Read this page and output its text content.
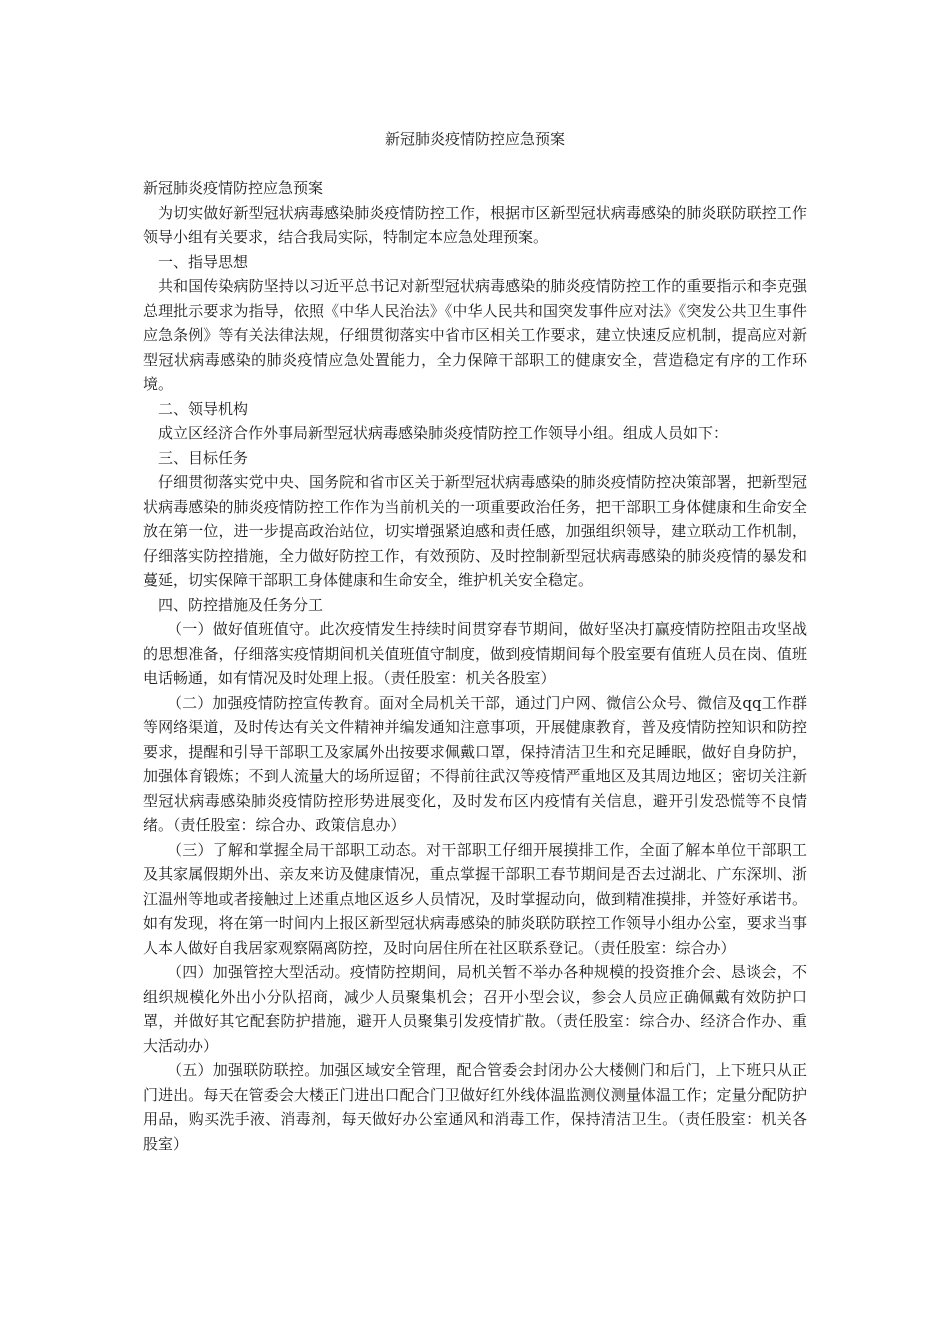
新冠肺炎疫情防控应急预案

新冠肺炎疫情防控应急预案

为切实做好新型冠状病毒感染肺炎疫情防控工作，根据市区新型冠状病毒感染的肺炎联防联控工作领导小组有关要求，结合我局实际，特制定本应急处理预案。

一、指导思想

共和国传染病防坚持以习近平总书记对新型冠状病毒感染的肺炎疫情防控工作的重要指示和李克强总理批示要求为指导，依照《中华人民治法》《中华人民共和国突发事件应对法》《突发公共卫生事件应急条例》等有关法律法规，仔细贯彻落实中省市区相关工作要求，建立快速反应机制，提高应对新型冠状病毒感染的肺炎疫情应急处置能力，全力保障干部职工的健康安全，营造稳定有序的工作环境。

二、领导机构

成立区经济合作外事局新型冠状病毒感染肺炎疫情防控工作领导小组。组成人员如下：

三、目标任务

仔细贯彻落实党中央、国务院和省市区关于新型冠状病毒感染的肺炎疫情防控决策部署，把新型冠状病毒感染的肺炎疫情防控工作作为当前机关的一项重要政治任务，把干部职工身体健康和生命安全放在第一位，进一步提高政治站位，切实增强紧迫感和责任感，加强组织领导，建立联动工作机制，仔细落实防控措施，全力做好防控工作，有效预防、及时控制新型冠状病毒感染的肺炎疫情的暴发和蔓延，切实保障干部职工身体健康和生命安全，维护机关安全稳定。

四、防控措施及任务分工

（一）做好值班值守。此次疫情发生持续时间贯穿春节期间，做好坚决打赢疫情防控阻击攻坚战的思想准备，仔细落实疫情期间机关值班值守制度，做到疫情期间每个股室要有值班人员在岗、值班电话畅通，如有情况及时处理上报。（责任股室：机关各股室）

（二）加强疫情防控宣传教育。面对全局机关干部，通过门户网、微信公众号、微信及qq工作群等网络渠道，及时传达有关文件精神并编发通知注意事项，开展健康教育，普及疫情防控知识和防控要求，提醒和引导干部职工及家属外出按要求佩戴口罩，保持清洁卫生和充足睡眠，做好自身防护，加强体育锻炼；不到人流量大的场所逗留；不得前往武汉等疫情严重地区及其周边地区；密切关注新型冠状病毒感染肺炎疫情防控形势进展变化，及时发布区内疫情有关信息，避开引发恐慌等不良情绪。（责任股室：综合办、政策信息办）

（三）了解和掌握全局干部职工动态。对干部职工仔细开展摸排工作，全面了解本单位干部职工及其家属假期外出、亲友来访及健康情况，重点掌握干部职工春节期间是否去过湖北、广东深圳、浙江温州等地或者接触过上述重点地区返乡人员情况，及时掌握动向，做到精准摸排，并签好承诺书。如有发现，将在第一时间内上报区新型冠状病毒感染的肺炎联防联控工作领导小组办公室，要求当事人本人做好自我居家观察隔离防控，及时向居住所在社区联系登记。（责任股室：综合办）

（四）加强管控大型活动。疫情防控期间，局机关暂不举办各种规模的投资推介会、恳谈会，不组织规模化外出小分队招商，减少人员聚集机会；召开小型会议，参会人员应正确佩戴有效防护口罩，并做好其它配套防护措施，避开人员聚集引发疫情扩散。（责任股室：综合办、经济合作办、重大活动办）

（五）加强联防联控。加强区域安全管理，配合管委会封闭办公大楼侧门和后门，上下班只从正门进出。每天在管委会大楼正门进出口配合门卫做好红外线体温监测仪测量体温工作；定量分配防护用品，购买洗手液、消毒剂，每天做好办公室通风和消毒工作，保持清洁卫生。（责任股室：机关各股室）
